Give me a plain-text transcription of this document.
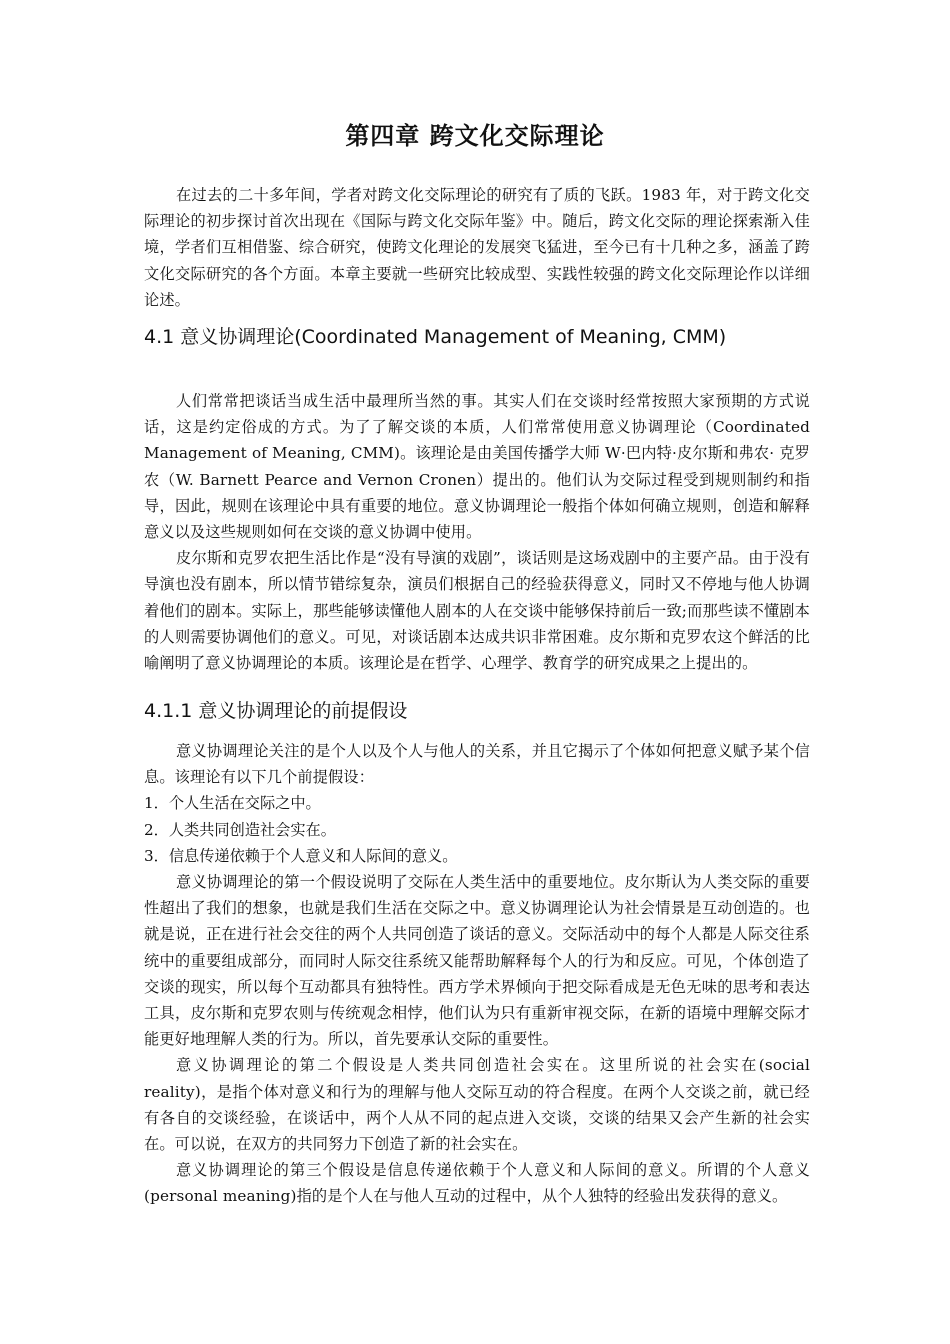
第四章 跨文化交际理论

在过去的二十多年间，学者对跨文化交际理论的研究有了质的飞跃。1983 年，对于跨文化交际理论的初步探讨首次出现在《国际与跨文化交际年鉴》中。随后，跨文化交际的理论探索渐入佳境，学者们互相借鉴、综合研究，使跨文化理论的发展突飞猛进，至今已有十几种之多，涵盖了跨文化交际研究的各个方面。本章主要就一些研究比较成型、实践性较强的跨文化交际理论作以详细论述。

4.1 意义协调理论(Coordinated Management of Meaning, CMM)

人们常常把谈话当成生活中最理所当然的事。其实人们在交谈时经常按照大家预期的方式说话，这是约定俗成的方式。为了了解交谈的本质，人们常常使用意义协调理论（Coordinated Management of Meaning, CMM)。该理论是由美国传播学大师 W·巴内特·皮尔斯和弗农· 克罗农（W. Barnett Pearce and Vernon Cronen）提出的。他们认为交际过程受到规则制约和指导，因此，规则在该理论中具有重要的地位。意义协调理论一般指个体如何确立规则，创造和解释意义以及这些规则如何在交谈的意义协调中使用。

皮尔斯和克罗农把生活比作是“没有导演的戏剧”，谈话则是这场戏剧中的主要产品。由于没有导演也没有剧本，所以情节错综复杂，演员们根据自己的经验获得意义，同时又不停地与他人协调着他们的剧本。实际上，那些能够读懂他人剧本的人在交谈中能够保持前后一致;而那些读不懂剧本的人则需要协调他们的意义。可见，对谈话剧本达成共识非常困难。皮尔斯和克罗农这个鲜活的比喻阐明了意义协调理论的本质。该理论是在哲学、心理学、教育学的研究成果之上提出的。

4.1.1 意义协调理论的前提假设

意义协调理论关注的是个人以及个人与他人的关系，并且它揭示了个体如何把意义赋予某个信息。该理论有以下几个前提假设：

1．个人生活在交际之中。

2．人类共同创造社会实在。

3．信息传递依赖于个人意义和人际间的意义。

意义协调理论的第一个假设说明了交际在人类生活中的重要地位。皮尔斯认为人类交际的重要性超出了我们的想象，也就是我们生活在交际之中。意义协调理论认为社会情景是互动创造的。也就是说，正在进行社会交往的两个人共同创造了谈话的意义。交际活动中的每个人都是人际交往系统中的重要组成部分，而同时人际交往系统又能帮助解释每个人的行为和反应。可见，个体创造了交谈的现实，所以每个互动都具有独特性。西方学术界倾向于把交际看成是无色无味的思考和表达工具，皮尔斯和克罗农则与传统观念相悖，他们认为只有重新审视交际，在新的语境中理解交际才能更好地理解人类的行为。所以，首先要承认交际的重要性。

意义协调理论的第二个假设是人类共同创造社会实在。这里所说的社会实在(social reality)，是指个体对意义和行为的理解与他人交际互动的符合程度。在两个人交谈之前，就已经有各自的交谈经验，在谈话中，两个人从不同的起点进入交谈，交谈的结果又会产生新的社会实在。可以说，在双方的共同努力下创造了新的社会实在。

意义协调理论的第三个假设是信息传递依赖于个人意义和人际间的意义。所谓的个人意义(personal meaning)指的是个人在与他人互动的过程中，从个人独特的经验出发获得的意义。
